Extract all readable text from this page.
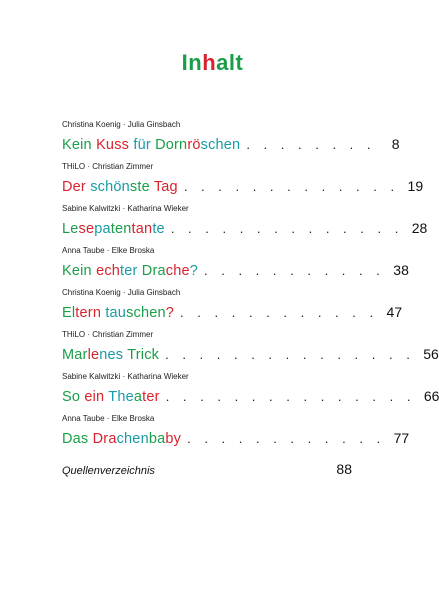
Inhalt
Christina Koenig · Julia Ginsbach
Kein Kuss für Dornröschen . . . . . . . .	8
THiLO · Christian Zimmer
Der schönste Tag . . . . . . . . . . . . . 19
Sabine Kalwitzki · Katharina Wieker
Lesepatentante . . . . . . . . . . . . . . 28
Anna Taube · Elke Broska
Kein echter Drache? . . . . . . . . . . . 38
Christina Koenig · Julia Ginsbach
Eltern tauschen? . . . . . . . . . . . . 47
THiLO · Christian Zimmer
Marlenes Trick . . . . . . . . . . . . . . . 56
Sabine Kalwitzki · Katharina Wieker
So ein Theater . . . . . . . . . . . . . . . 66
Anna Taube · Elke Broska
Das Drachenbaby . . . . . . . . . . . . 77
Quellenverzeichnis	88
